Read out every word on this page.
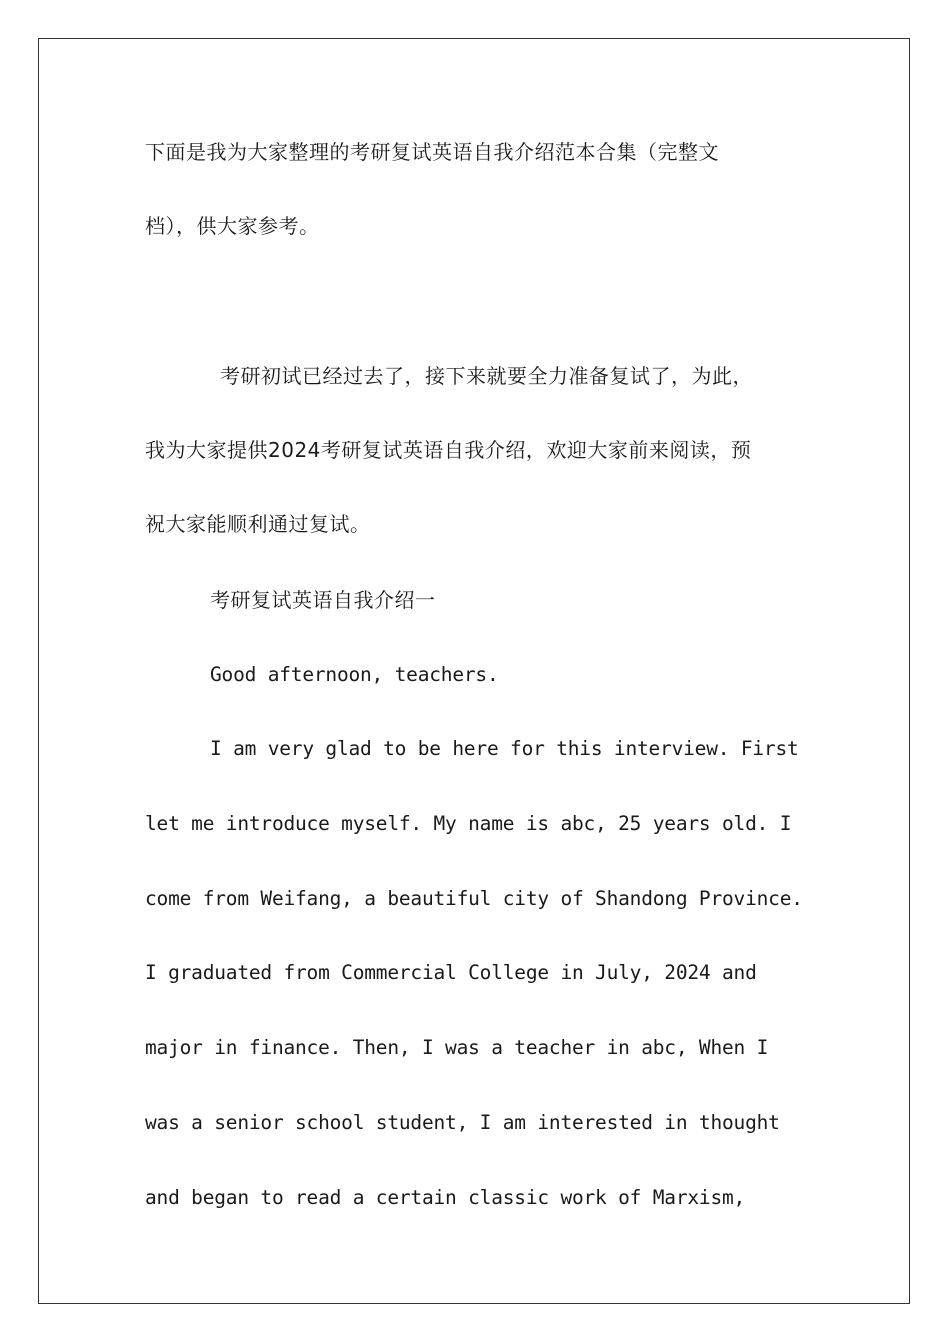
下面是我为大家整理的考研复试英语自我介绍范本合集（完整文
档），供大家参考。
考研初试已经过去了，接下来就要全力准备复试了，为此，
我为大家提供2024考研复试英语自我介绍，欢迎大家前来阅读，预
祝大家能顺利通过复试。
考研复试英语自我介绍一
Good afternoon, teachers.
I am very glad to be here for this interview. First
let me introduce myself. My name is abc, 25 years old. I
come from Weifang, a beautiful city of Shandong Province.
I graduated from Commercial College in July, 2024 and
major in finance. Then, I was a teacher in abc, When I
was a senior school student, I am interested in thought
and began to read a certain classic work of Marxism,
